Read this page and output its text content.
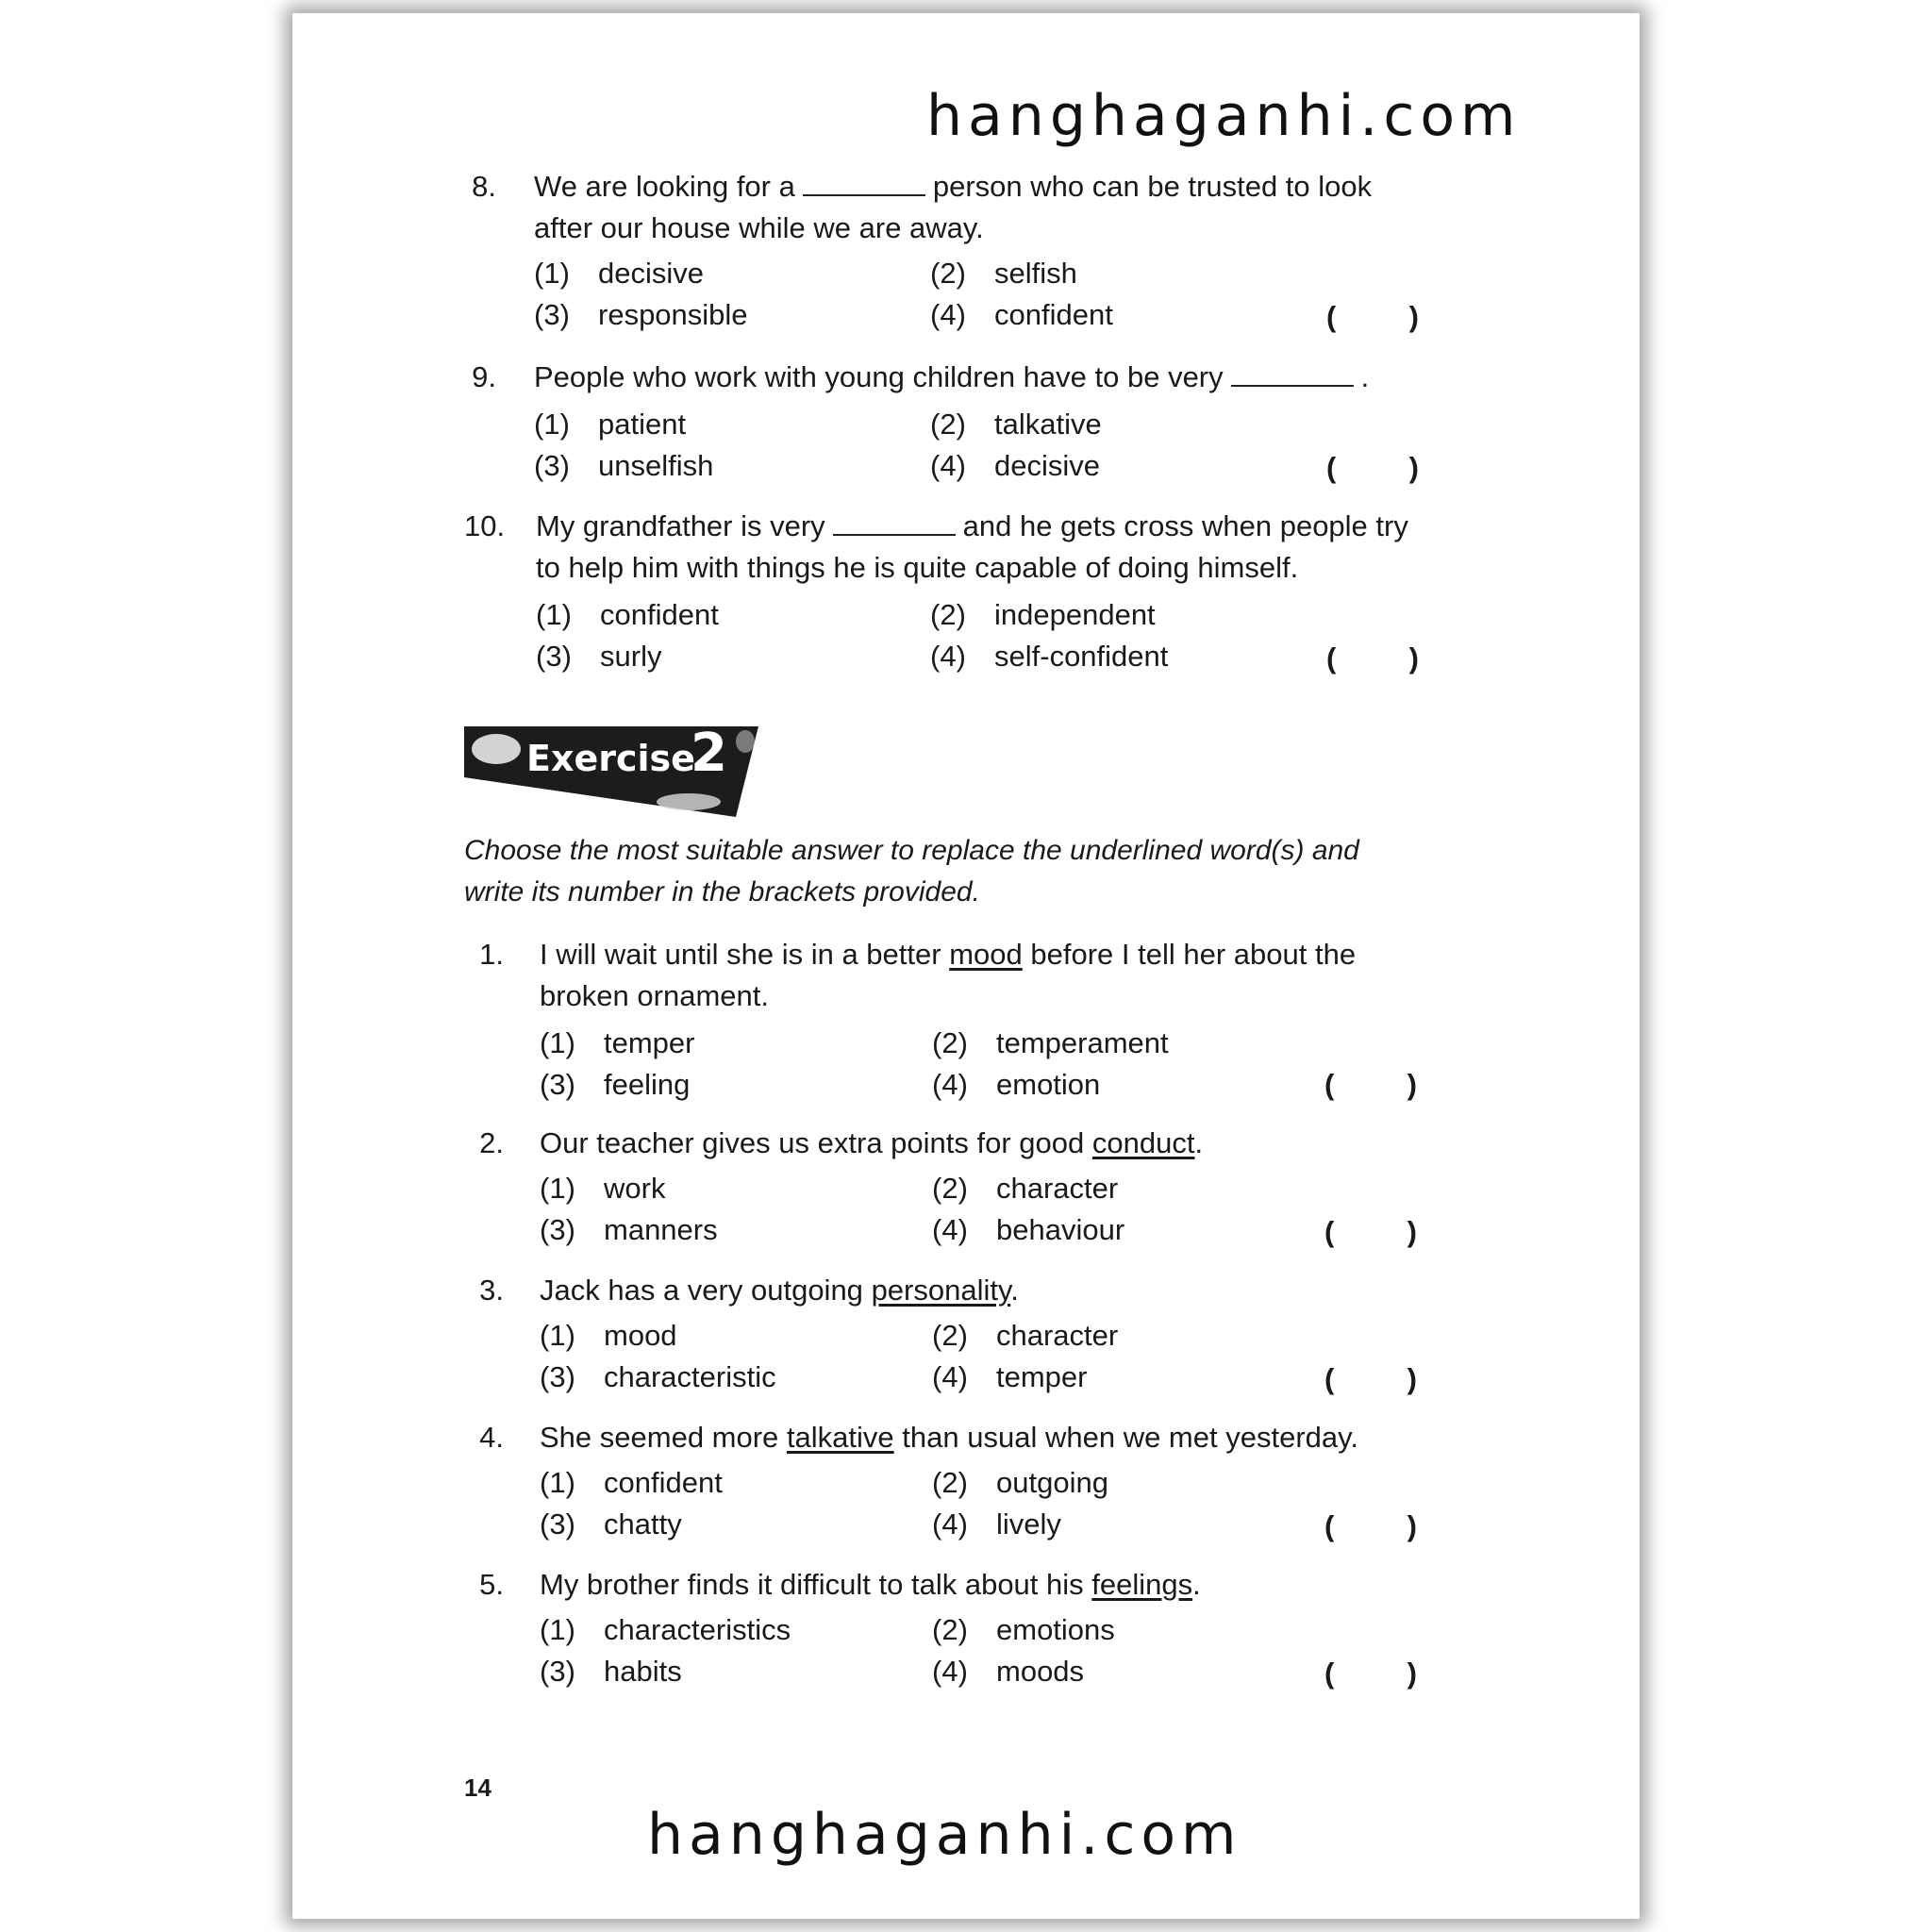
hanghaganhi.com
hanghaganhi.com
8. We are looking for a	person who can be trusted to look
after our house while we are away.
(1) decisive	(2) selfish
(3) responsible	(4) confident	( )
9. People who work with young children have to be very	.
(1) patient	(2) talkative
(3) unselfish	(4) decisive	( )
10. My grandfather is very	and he gets cross when people try
to help him with things he is quite capable of doing himself.
(1) confident	(2) independent
(3) surly	(4) self-confident	( )
Exercise
2
Choose the most suitable answer to replace the underlined word(s) and
write its number in the brackets provided.
1. I will wait until she is in a better mood before I tell her about the
broken ornament.
(1) temper	(2) temperament
(3) feeling	(4) emotion	( )
2. Our teacher gives us extra points for good conduct.
(1) work	(2) character
(3) manners	(4) behaviour	( )
3. Jack has a very outgoing personality.
(1) mood	(2) character
(3) characteristic	(4) temper	( )
4. She seemed more talkative than usual when we met yesterday.
(1) confident	(2) outgoing
(3) chatty	(4) lively	( )
5. My brother finds it difficult to talk about his feelings.
(1) characteristics	(2) emotions
(3) habits	(4) moods	( )
14
